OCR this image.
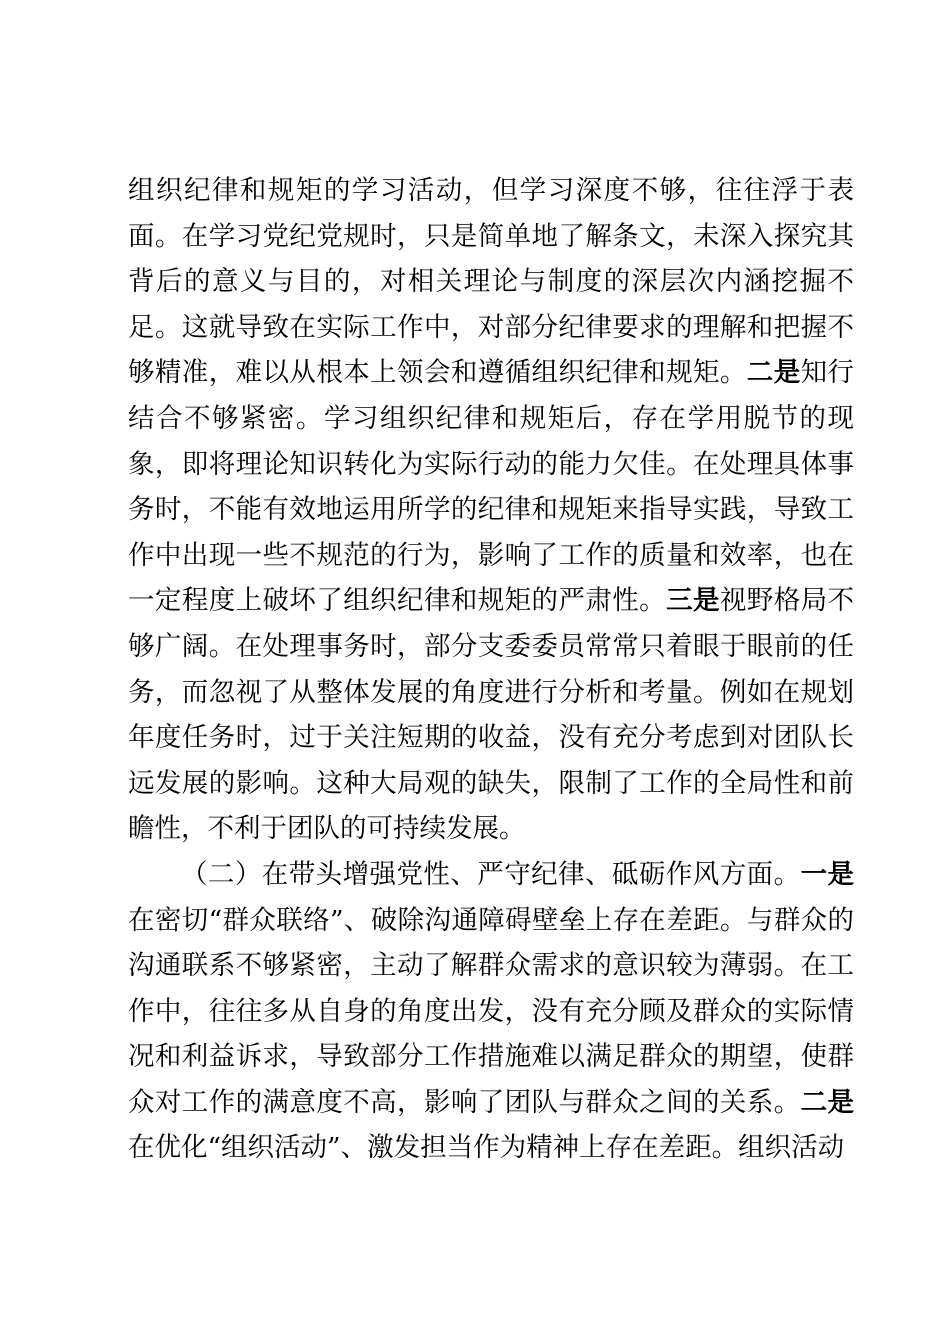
组织纪律和规矩的学习活动，但学习深度不够，往往浮于表面。在学习党纪党规时，只是简单地了解条文，未深入探究其背后的意义与目的，对相关理论与制度的深层次内涵挖掘不足。这就导致在实际工作中，对部分纪律要求的理解和把握不够精准，难以从根本上领会和遵循组织纪律和规矩。二是知行结合不够紧密。学习组织纪律和规矩后，存在学用脱节的现象，即将理论知识转化为实际行动的能力欠佳。在处理具体事务时，不能有效地运用所学的纪律和规矩来指导实践，导致工作中出现一些不规范的行为，影响了工作的质量和效率，也在一定程度上破坏了组织纪律和规矩的严肃性。三是视野格局不够广阔。在处理事务时，部分支委委员常常只着眼于眼前的任务，而忽视了从整体发展的角度进行分析和考量。例如在规划年度任务时，过于关注短期的收益，没有充分考虑到对团队长远发展的影响。这种大局观的缺失，限制了工作的全局性和前瞻性，不利于团队的可持续发展。

（二）在带头增强党性、严守纪律、砥砺作风方面。一是在密切“群众联络”、破除沟通障碍壁垒上存在差距。与群众的沟通联系不够紧密，主动了解群众需求的意识较为薄弱。在工作中，往往多从自身的角度出发，没有充分顾及群众的实际情况和利益诉求，导致部分工作措施难以满足群众的期望，使群众对工作的满意度不高，影响了团队与群众之间的关系。二是在优化“组织活动”、激发担当作为精神上存在差距。组织活动
